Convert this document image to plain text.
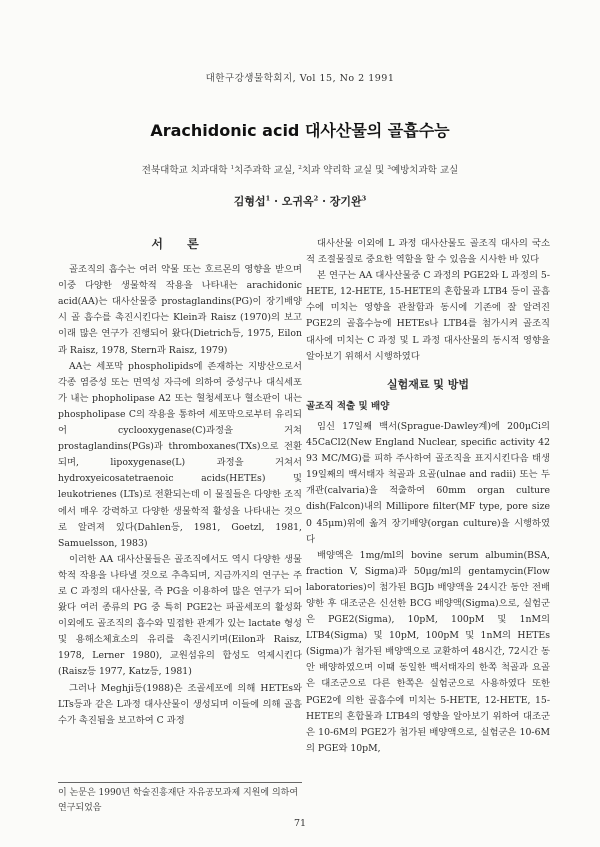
대한구강생물학회지, Vol 15, No 2 1991
Arachidonic acid 대사산물의 골흡수능
전북대학교 치과대학 $^1$치주과학 교실, $^2$치과 약리학 교실 및 $^3$예방치과학 교실
김형섭$^1$ · 오귀옥$^2$ · 장기완$^3$
서 론

골조직의 흡수는 여러 약물 또는 호르몬의 영향을 받으며 이중 다양한 생물학적 작용을 나타내는 arachidonic acid(AA)는 대사산물중 prostaglandins(PG)이 장기배양시 골 흡수를 촉진시킨다는 Klein과 Raisz (1970)의 보고이래 많은 연구가 진행되어 왔다(Dietrich등, 1975, Eilon과 Raisz, 1978, Stern과 Raisz, 1979)

AA는 세포막 phospholipids에 존재하는 지방산으로서 각종 염증성 또는 면역성 자극에 의하여 중성구나 대식세포가 내는 phopholipase A2 또는 혈청세포나 혈소판이 내는 phospholipase C의 작용을 통하여 세포막으로부터 유리되어 cyclooxygenase(C)과정을 거쳐 prostaglandins(PGs)과 thromboxanes(TXs)으로 전환되며, lipoxygenase(L) 과정을 거쳐서 hydroxyeicosatetraenoic acids(HETEs) 및 leukotrienes (LTs)로 전환되는데 이 물질들은 다양한 조직에서 매우 강력하고 다양한 생물학적 활성을 나타내는 것으로 알려져 있다(Dahlen등, 1981, Goetzl, 1981, Samuelsson, 1983)

이러한 AA 대사산물들은 골조직에서도 역시 다양한 생물학적 작용을 나타낼 것으로 추측되며, 지금까지의 연구는 주로 C 과정의 대사산물, 즉 PG을 이용하여 많은 연구가 되어 왔다 여러 종류의 PG 중 특히 PGE2는 파골세포의 활성화 이외에도 골조직의 흡수와 밀접한 관계가 있는 lactate 형성 및 용해소체효소의 유리를 촉진시키며(Eilon과 Raisz, 1978, Lerner 1980), 교원섬유의 합성도 억제시킨다(Raisz등 1977, Katz등, 1981)

그러나 Meghji등(1988)은 조골세포에 의해 HETEs와 LTs등과 같은 L과정 대사산물이 생성되며 이들에 의해 골흡수가 촉진됨을 보고하여 C 과정

이 논문은 1990년 학술진흥재단 자유공모과제 지원에 의하여 연구되었음

대사산물 이외에 L 과정 대사산물도 골조직 대사의 국소적 조절물질로 중요한 역할을 할 수 있음을 시사한 바 있다

본 연구는 AA 대사산물중 C 과정의 PGE2와 L 과정의 5-HETE, 12-HETE, 15-HETE의 혼합물과 LTB4 등이 골흡수에 미치는 영향을 관찰함과 동시에 기존에 잘 알려진 PGE2의 골흡수능에 HETEs나 LTB4를 첨가시켜 골조직 대사에 미치는 C 과정 및 L 과정 대사산물의 동시적 영향을 알아보기 위해서 시행하였다

실험재료 및 방법
골조직 적출 및 배양

임신 17일째 백서(Sprague-Dawley계)에 200μCi의 45CaCl2(New England Nuclear, specific activity 42 93 MC/MG)를 피하 주사하여 골조직을 표지시킨다음 태생 19일째의 백서태자 척골과 요골(ulnae and radii) 또는 두개관(calvaria)을 적출하여 60mm organ culture dish(Falcon)내의 Millipore filter(MF type, pore size 0 45μm)위에 옮겨 장기배양(organ culture)을 시행하였다

배양액은 1mg/ml의 bovine serum albumin(BSA, fraction V, Sigma)과 50μg/ml의 gentamycin(Flow laboratories)이 첨가된 BGJb 배양액을 24시간 동안 전배양한 후 대조군은 신선한 BCG 배양액(Sigma)으로, 실험군은 PGE2(Sigma), 10pM, 100pM 및 1nM의 LTB4(Sigma) 및 10pM, 100pM 및 1nM의 HETEs (Sigma)가 첨가된 배양액으로 교환하여 48시간, 72시간 동안 배양하였으며 이때 동일한 백서태자의 한쪽 척골과 요골은 대조군으로 다른 한쪽은 실험군으로 사용하였다 또한 PGE2에 의한 골흡수에 미치는 5-HETE, 12-HETE, 15-HETE의 혼합물과 LTB4의 영향을 알아보기 위하여 대조군은 10-6M의 PGE2가 첨가된 배양액으로, 실험군은 10-6M의 PGE와 10pM,

71
